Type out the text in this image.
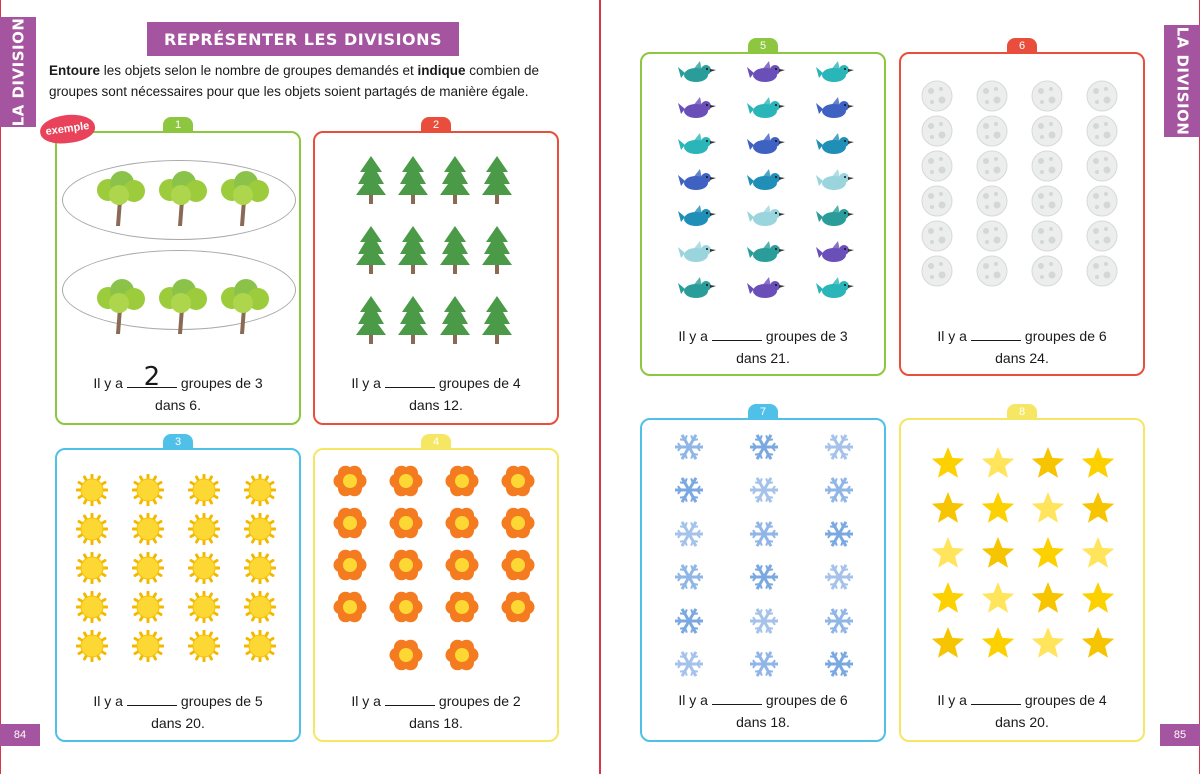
LA DIVISION	LA DIVISION
84	85
REPRÉSENTER LES DIVISIONS
Entoure les objets selon le nombre de groupes demandés et indique combien de groupes sont nécessaires pour que les objets soient partagés de manière égale.
1
Il y a 2	groupes de 3
dans 6.
2
Il y a	groupes de 4
dans 12.
3
Il y a	groupes de 5
dans 20.
4
Il y a	groupes de 2
dans 18.
5
Il y a	groupes de 3
dans 21.
6
Il y a	groupes de 6
dans 24.
7
Il y a	groupes de 6
dans 18.
8
Il y a	groupes de 4
dans 20.
exemple
